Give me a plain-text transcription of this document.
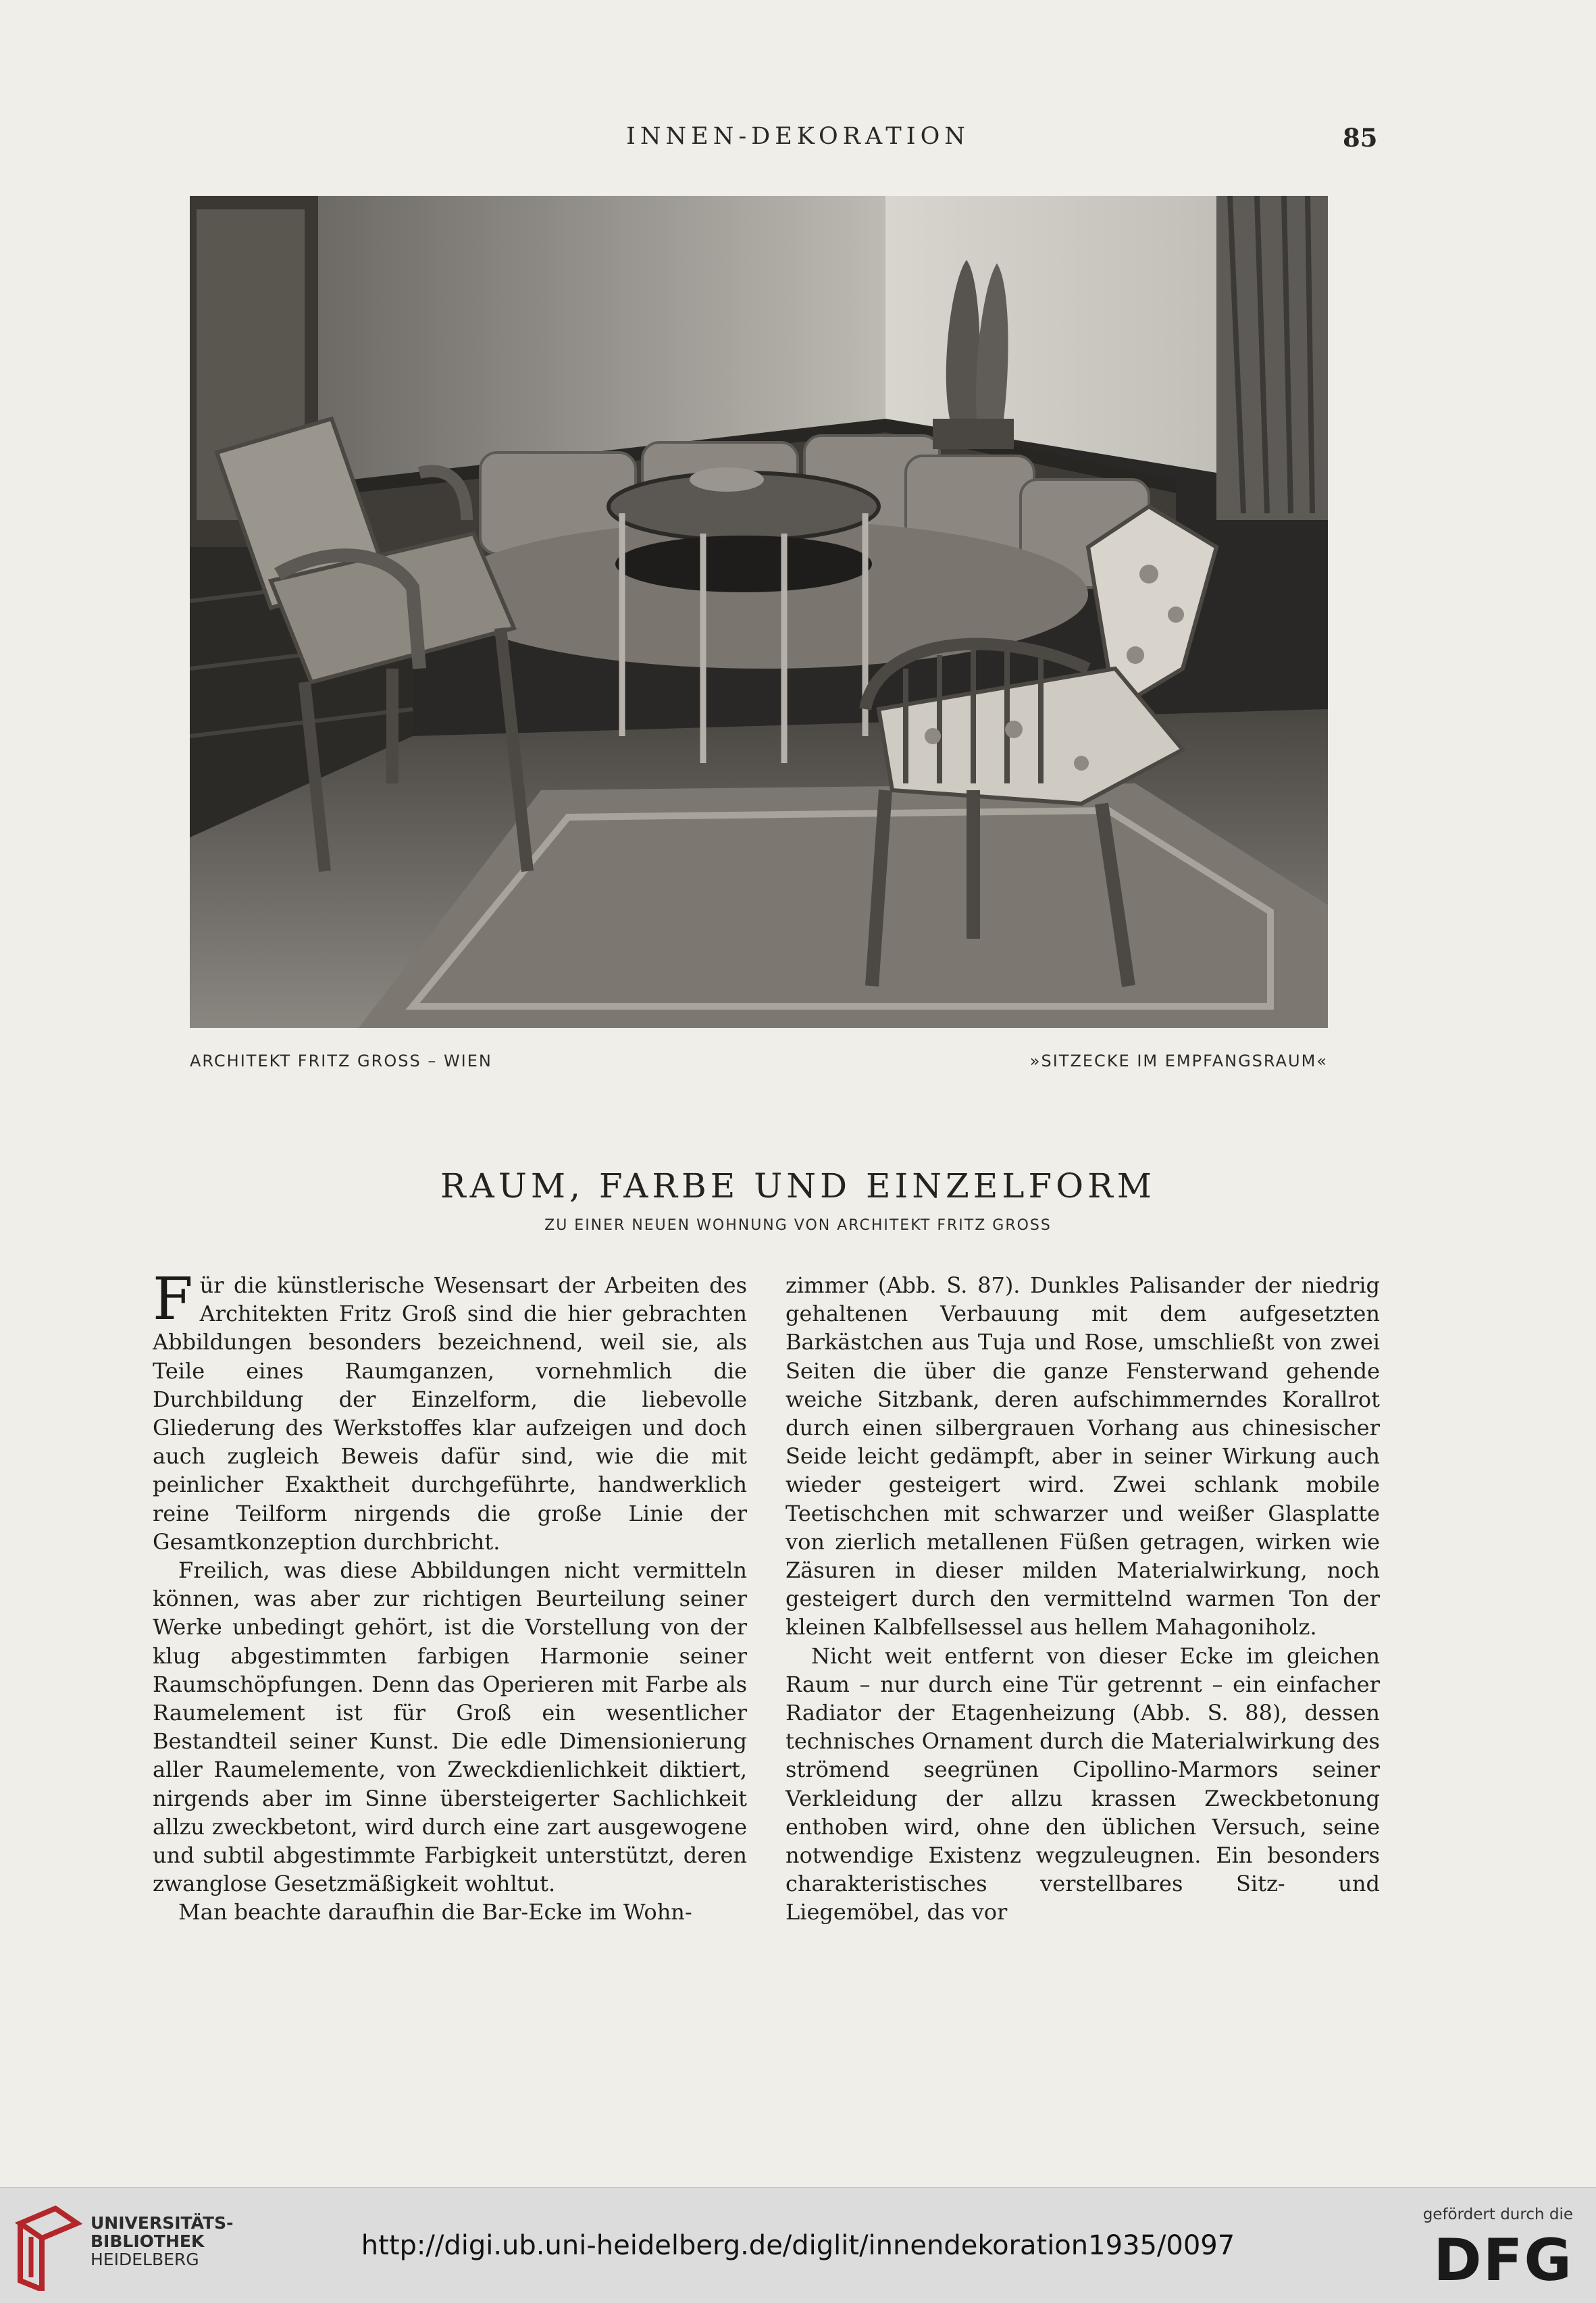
INNEN-DEKORATION	85
ARCHITEKT FRITZ GROSS – WIEN	»SITZECKE IM EMPFANGSRAUM«
RAUM, FARBE UND EINZELFORM
ZU EINER NEUEN WOHNUNG VON ARCHITEKT FRITZ GROSS

Für die künstlerische Wesensart der Arbeiten des Architekten Fritz Groß sind die hier gebrachten Abbildungen besonders bezeichnend, weil sie, als Teile eines Raumganzen, vornehmlich die Durchbildung der Einzelform, die liebevolle Gliederung des Werkstoffes klar aufzeigen und doch auch zugleich Beweis dafür sind, wie die mit peinlicher Exaktheit durchgeführte, handwerklich reine Teilform nirgends die große Linie der Gesamtkonzeption durchbricht.

Freilich, was diese Abbildungen nicht vermitteln können, was aber zur richtigen Beurteilung seiner Werke unbedingt gehört, ist die Vorstellung von der klug abgestimmten farbigen Harmonie seiner Raumschöpfungen. Denn das Operieren mit Farbe als Raumelement ist für Groß ein wesentlicher Bestandteil seiner Kunst. Die edle Dimensionierung aller Raumelemente, von Zweckdienlichkeit diktiert, nirgends aber im Sinne übersteigerter Sachlichkeit allzu zweckbetont, wird durch eine zart ausgewogene und subtil abgestimmte Farbigkeit unterstützt, deren zwanglose Gesetzmäßigkeit wohltut.

Man beachte daraufhin die Bar-Ecke im Wohn-

zimmer (Abb. S. 87). Dunkles Palisander der niedrig gehaltenen Verbauung mit dem aufgesetzten Barkästchen aus Tuja und Rose, umschließt von zwei Seiten die über die ganze Fensterwand gehende weiche Sitzbank, deren aufschimmerndes Korallrot durch einen silbergrauen Vorhang aus chinesischer Seide leicht gedämpft, aber in seiner Wirkung auch wieder gesteigert wird. Zwei schlank mobile Teetischchen mit schwarzer und weißer Glasplatte von zierlich metallenen Füßen getragen, wirken wie Zäsuren in dieser milden Materialwirkung, noch gesteigert durch den vermittelnd warmen Ton der kleinen Kalbfellsessel aus hellem Mahagoniholz.

Nicht weit entfernt von dieser Ecke im gleichen Raum – nur durch eine Tür getrennt – ein einfacher Radiator der Etagenheizung (Abb. S. 88), dessen technisches Ornament durch die Materialwirkung des strömend seegrünen Cipollino-Marmors seiner Verkleidung der allzu krassen Zweckbetonung enthoben wird, ohne den üblichen Versuch, seine notwendige Existenz wegzuleugnen. Ein besonders charakteristisches verstellbares Sitz- und Liegemöbel, das vor

UNIVERSITÄTS-
BIBLIOTHEK
HEIDELBERG	http://digi.ub.uni-heidelberg.de/diglit/innendekoration1935/0097
gefördert durch die
DFG
